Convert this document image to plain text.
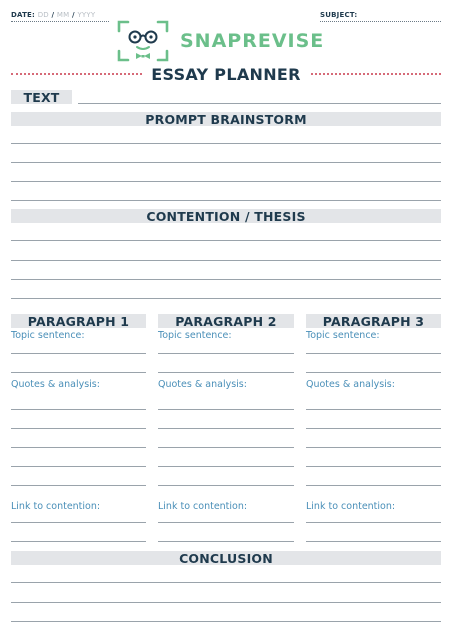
DATE: DD / MM / YYYY	SUBJECT:
SNAPREVISE
ESSAY PLANNER
TEXT
PROMPT BRAINSTORM
CONTENTION / THESIS
PARAGRAPH 1
Topic sentence:
Quotes & analysis:
Link to contention:
PARAGRAPH 2
Topic sentence:
Quotes & analysis:
Link to contention:
PARAGRAPH 3
Topic sentence:
Quotes & analysis:
Link to contention:
CONCLUSION
